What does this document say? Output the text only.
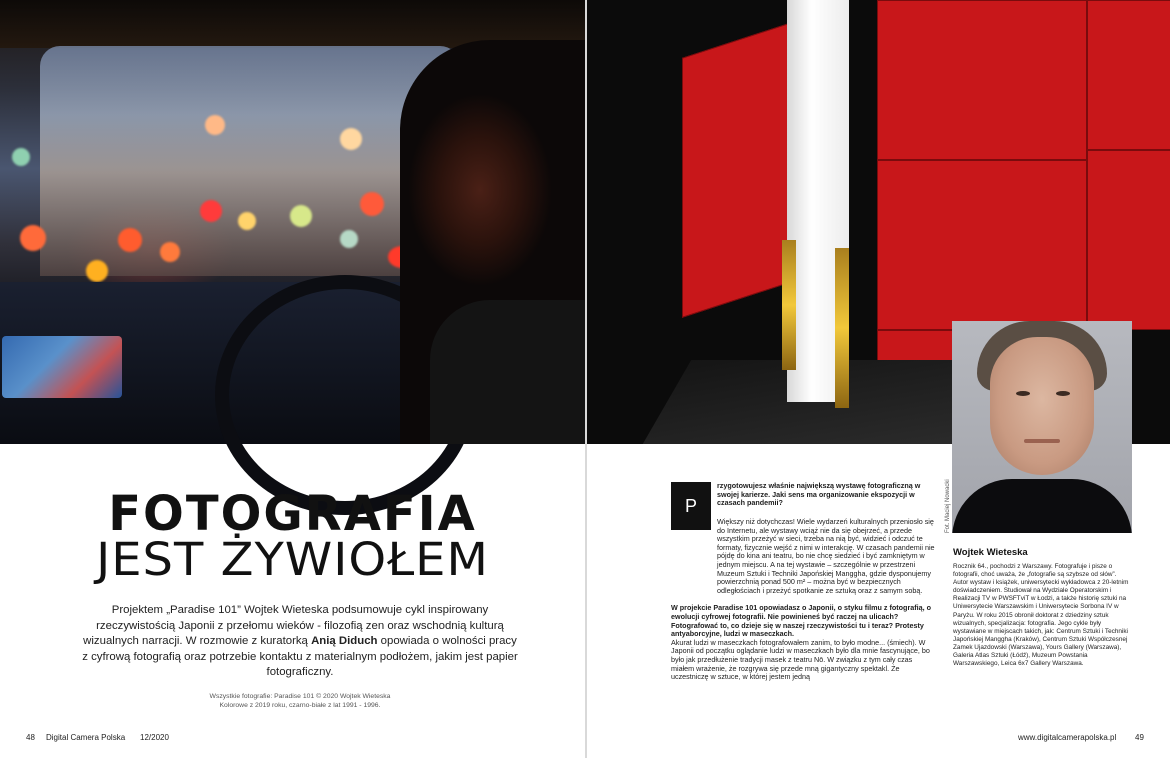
FOTOGRAFIA
JEST ŻYWIOŁEM

Projektem „Paradise 101” Wojtek Wieteska podsumowuje cykl inspirowany rzeczywistością Japonii z przełomu wieków - filozofią zen oraz wschodnią kulturą wizualnych narracji. W rozmowie z kuratorką Anią Diduch opowiada o wolności pracy z cyfrową fotografią oraz potrzebie kontaktu z materialnym podłożem, jakim jest papier fotograficzny.

Wszystkie fotografie: Paradise 101 © 2020 Wojtek Wieteska
Kolorowe z 2019 roku, czarno-białe z lat 1991 - 1996.
48 Digital Camera Polska 12/2020
Fot. Maciej Nowacki
P
rzygotowujesz właśnie największą wystawę fotograficzną w swojej karierze. Jaki sens ma organizowanie ekspozycji w czasach pandemii?

Większy niż dotychczas! Wiele wydarzeń kulturalnych przeniosło się do Internetu, ale wystawy wciąż nie da się obejrzeć, a przede wszystkim przeżyć w sieci, trzeba na nią być, widzieć i odczuć te formaty, fizycznie wejść z nimi w interakcję. W czasach pandemii nie pójdę do kina ani teatru, bo nie chcę siedzieć i być zamkniętym w jednym miejscu. A na tej wystawie – szczególnie w przestrzeni Muzeum Sztuki i Techniki Japońskiej Manggha, gdzie dysponujemy powierzchnią ponad 500 m² – można być w bezpiecznych odległościach i przeżyć spotkanie ze sztuką oraz z samym sobą.

W projekcie Paradise 101 opowiadasz o Japonii, o styku filmu z fotografią, o ewolucji cyfrowej fotografii. Nie powinieneś być raczej na ulicach? Fotografować to, co dzieje się w naszej rzeczywistości tu i teraz? Protesty antyaborcyjne, ludzi w maseczkach.

Akurat ludzi w maseczkach fotografowałem zanim, to było modne... (śmiech). W Japonii od początku oglądanie ludzi w maseczkach było dla mnie fascynujące, bo było jak przedłużenie tradycji masek z teatru Nō. W związku z tym cały czas miałem wrażenie, że rozgrywa się przede mną gigantyczny spektakl. Że uczestniczę w sztuce, w której jestem jedną

Wojtek Wieteska
Rocznik 64., pochodzi z Warszawy. Fotografuje i pisze o fotografii, choć uważa, że „fotografie są szybsze od słów”. Autor wystaw i książek, uniwersytecki wykładowca z 20-letnim doświadczeniem. Studiował na Wydziale Operatorskim i Realizacji TV w PWSFTviT w Łodzi, a także historię sztuki na Uniwersytecie Warszawskim i Uniwersytecie Sorbona IV w Paryżu. W roku 2015 obronił doktorat z dziedziny sztuk wizualnych, specjalizacja: fotografia. Jego cykle były wystawiane w miejscach takich, jak: Centrum Sztuki i Techniki Japońskiej Manggha (Kraków), Centrum Sztuki Współczesnej Zamek Ujazdowski (Warszawa), Yours Gallery (Warszawa), Galeria Atlas Sztuki (Łódź), Muzeum Powstania Warszawskiego, Leica 6x7 Gallery Warszawa.
www.digitalcamerapolska.pl 49
